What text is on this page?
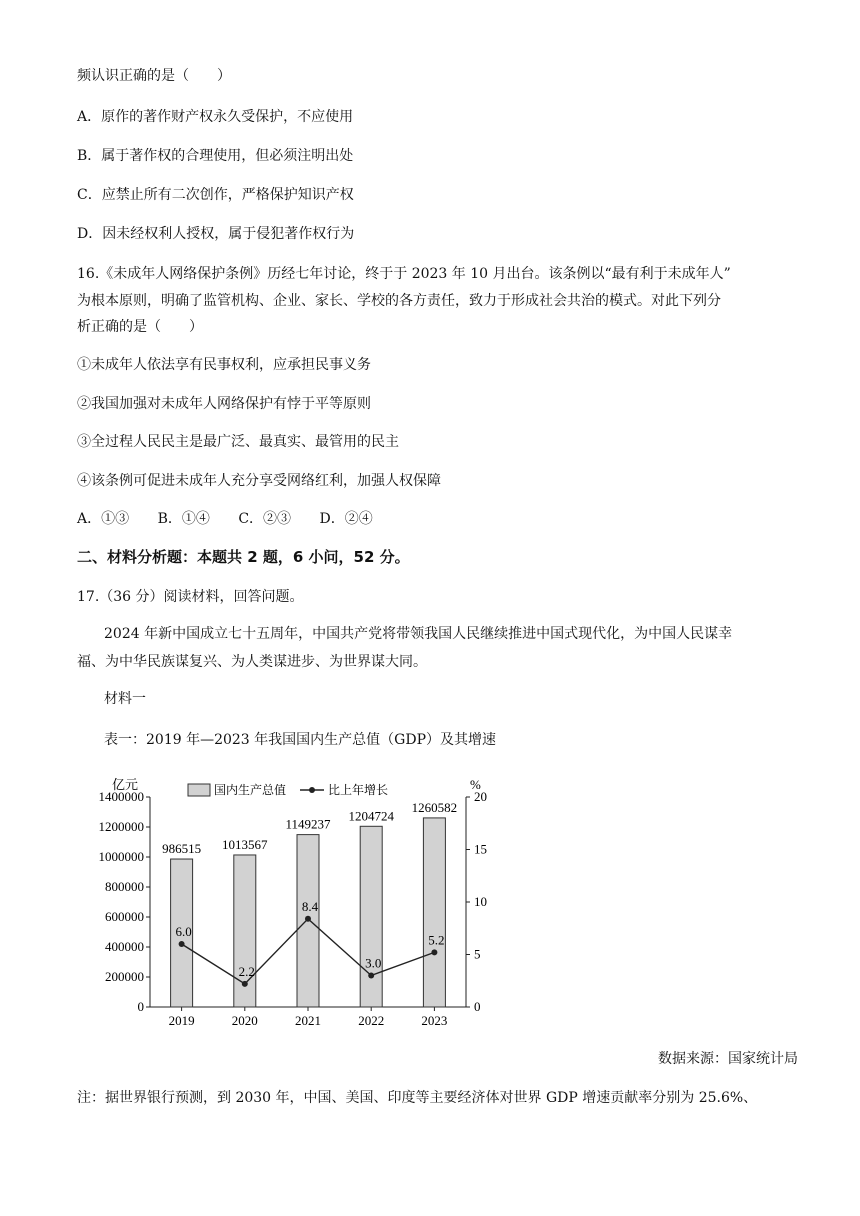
频认识正确的是（　　）
A．原作的著作财产权永久受保护，不应使用
B．属于著作权的合理使用，但必须注明出处
C．应禁止所有二次创作，严格保护知识产权
D．因未经权利人授权，属于侵犯著作权行为
16.《未成年人网络保护条例》历经七年讨论，终于于 2023 年 10 月出台。该条例以“最有利于未成年人”
为根本原则，明确了监管机构、企业、家长、学校的各方责任，致力于形成社会共治的模式。对此下列分
析正确的是（　　）
①未成年人依法享有民事权利，应承担民事义务
②我国加强对未成年人网络保护有悖于平等原则
③全过程人民民主是最广泛、最真实、最管用的民主
④该条例可促进未成年人充分享受网络红利，加强人权保障
A．①③ B．①④ C．②③ D．②④
二、材料分析题：本题共 2 题，6 小问，52 分。
17.（36 分）阅读材料，回答问题。
2024 年新中国成立七十五周年，中国共产党将带领我国人民继续推进中国式现代化，为中国人民谋幸
福、为中华民族谋复兴、为人类谋进步、为世界谋大同。
材料一
表一：2019 年—2023 年我国国内生产总值（GDP）及其增速
0
200000
400000
600000
800000
1000000
1200000
1400000
0
5
10
15
20
亿元	%
2019	2020	2021	2022	2023
986515 1013567
1149237
1204724
1260582
6.0
2.2
8.4
3.0
5.2
国内生产总值	比上年增长
数据来源：国家统计局
注：据世界银行预测，到 2030 年，中国、美国、印度等主要经济体对世界 GDP 增速贡献率分别为 25.6%、
